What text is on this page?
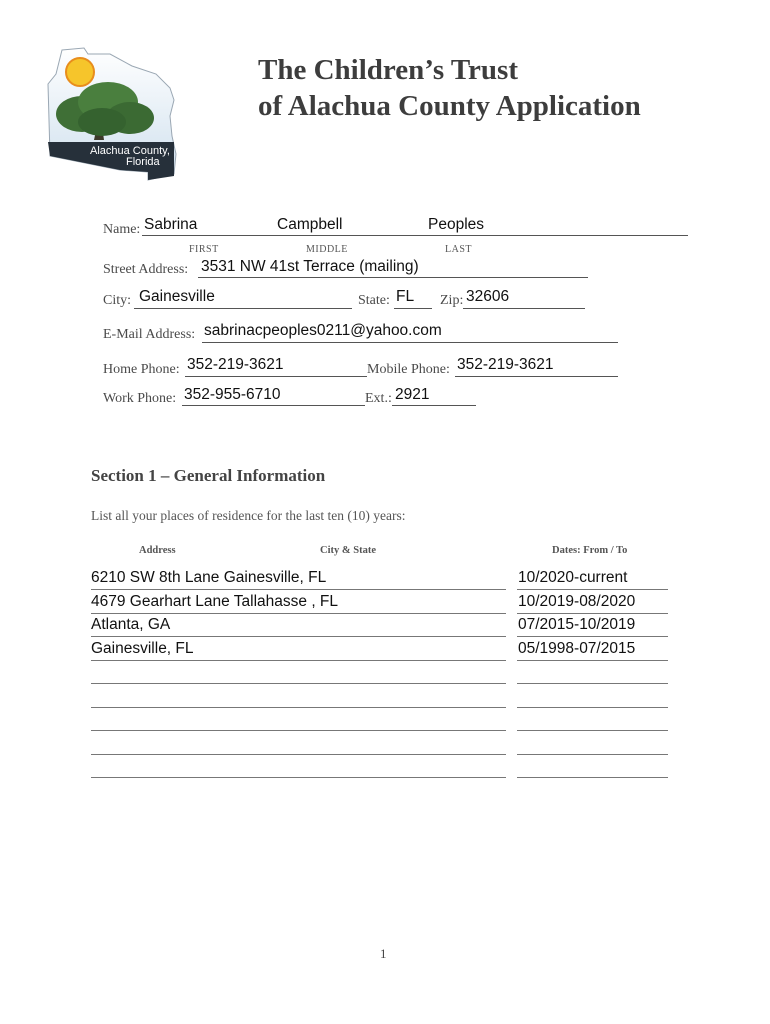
Alachua County,
Florida
The Children’s Trust
of Alachua County Application
Name: Sabrina	Campbell	Peoples
FIRST	MIDDLE	LAST
Street Address: 3531 NW 41st Terrace (mailing)
City: Gainesville	State: FL Zip: 32606
E-Mail Address: sabrinacpeoples0211@yahoo.com
Home Phone: 352-219-3621	Mobile Phone: 352-219-3621
Work Phone: 352-955-6710	Ext.: 2921
Section 1 – General Information
List all your places of residence for the last ten (10) years:
Address	City & State	Dates: From / To
6210 SW 8th Lane Gainesville, FL	10/2020-current
4679 Gearhart Lane Tallahasse , FL	10/2019-08/2020
Atlanta, GA	07/2015-10/2019
Gainesville, FL	05/1998-07/2015
1
